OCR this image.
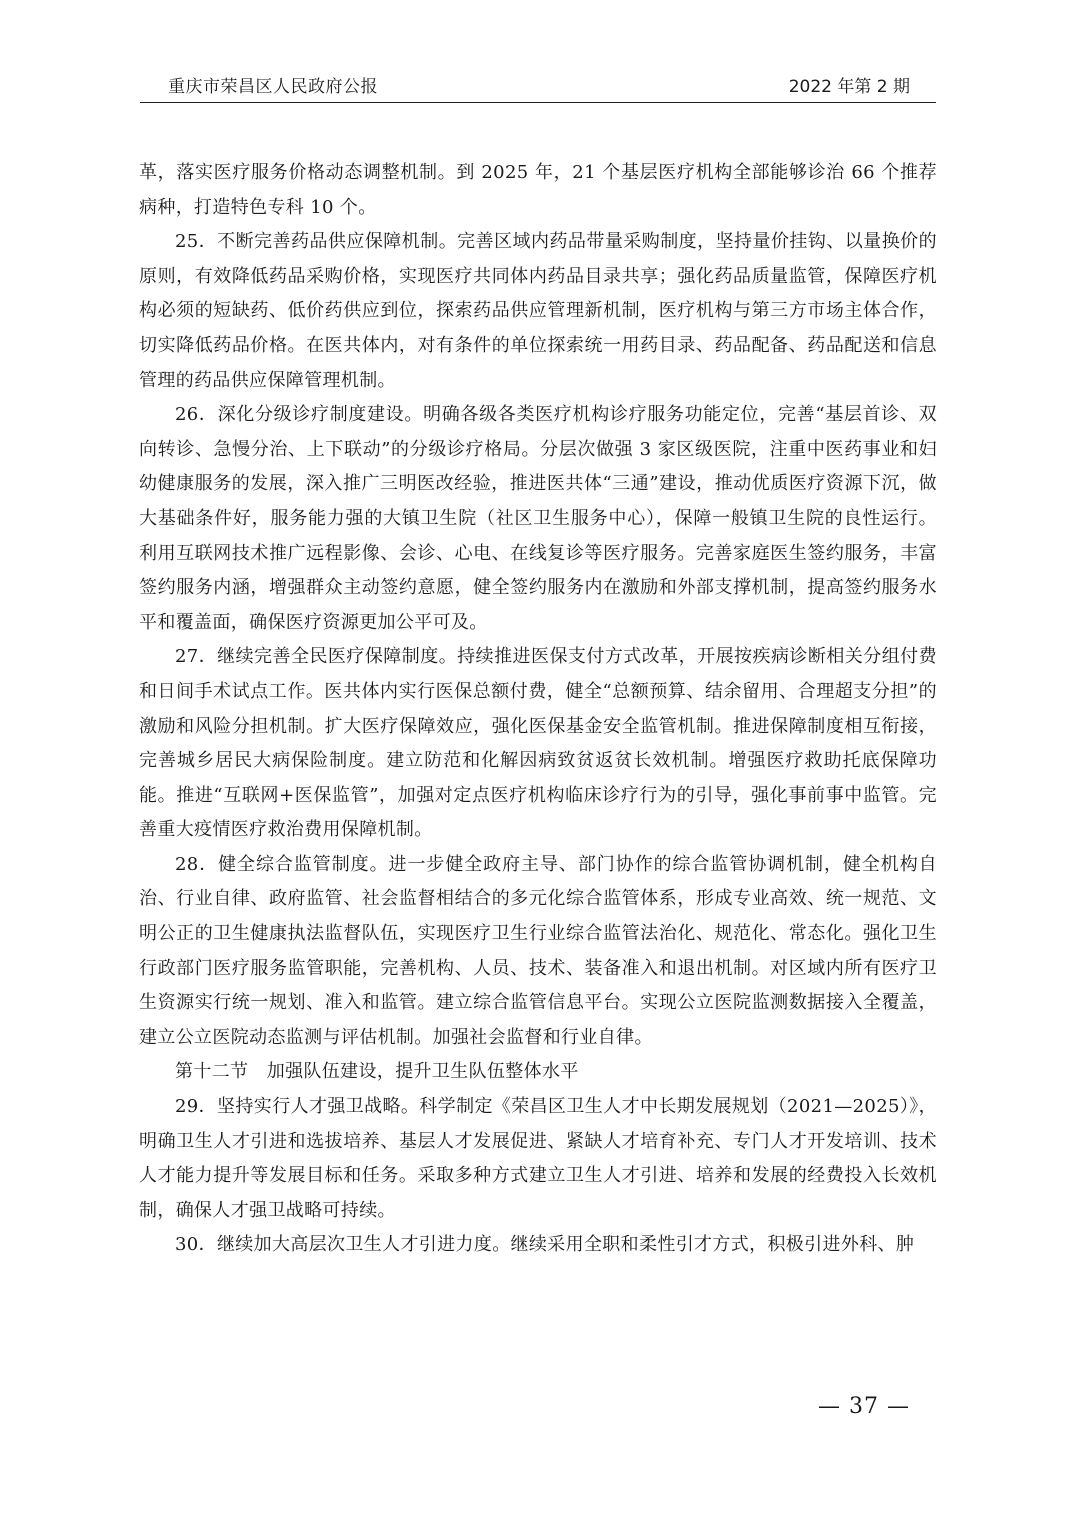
重庆市荣昌区人民政府公报	2022 年第 2 期

革，落实医疗服务价格动态调整机制。到 2025 年，21 个基层医疗机构全部能够诊治 66 个推荐病种，打造特色专科 10 个。

25．不断完善药品供应保障机制。完善区域内药品带量采购制度，坚持量价挂钩、以量换价的原则，有效降低药品采购价格，实现医疗共同体内药品目录共享；强化药品质量监管，保障医疗机构必须的短缺药、低价药供应到位，探索药品供应管理新机制，医疗机构与第三方市场主体合作，切实降低药品价格。在医共体内，对有条件的单位探索统一用药目录、药品配备、药品配送和信息管理的药品供应保障管理机制。

26．深化分级诊疗制度建设。明确各级各类医疗机构诊疗服务功能定位，完善“基层首诊、双向转诊、急慢分治、上下联动”的分级诊疗格局。分层次做强 3 家区级医院，注重中医药事业和妇幼健康服务的发展，深入推广三明医改经验，推进医共体“三通”建设，推动优质医疗资源下沉，做大基础条件好，服务能力强的大镇卫生院（社区卫生服务中心），保障一般镇卫生院的良性运行。利用互联网技术推广远程影像、会诊、心电、在线复诊等医疗服务。完善家庭医生签约服务，丰富签约服务内涵，增强群众主动签约意愿，健全签约服务内在激励和外部支撑机制，提高签约服务水平和覆盖面，确保医疗资源更加公平可及。

27．继续完善全民医疗保障制度。持续推进医保支付方式改革，开展按疾病诊断相关分组付费和日间手术试点工作。医共体内实行医保总额付费，健全“总额预算、结余留用、合理超支分担”的激励和风险分担机制。扩大医疗保障效应，强化医保基金安全监管机制。推进保障制度相互衔接，完善城乡居民大病保险制度。建立防范和化解因病致贫返贫长效机制。增强医疗救助托底保障功能。推进“互联网+医保监管”，加强对定点医疗机构临床诊疗行为的引导，强化事前事中监管。完善重大疫情医疗救治费用保障机制。

28．健全综合监管制度。进一步健全政府主导、部门协作的综合监管协调机制，健全机构自治、行业自律、政府监管、社会监督相结合的多元化综合监管体系，形成专业高效、统一规范、文明公正的卫生健康执法监督队伍，实现医疗卫生行业综合监管法治化、规范化、常态化。强化卫生行政部门医疗服务监管职能，完善机构、人员、技术、装备准入和退出机制。对区域内所有医疗卫生资源实行统一规划、准入和监管。建立综合监管信息平台。实现公立医院监测数据接入全覆盖，建立公立医院动态监测与评估机制。加强社会监督和行业自律。

第十二节　加强队伍建设，提升卫生队伍整体水平

29．坚持实行人才强卫战略。科学制定《荣昌区卫生人才中长期发展规划（2021—2025）》，明确卫生人才引进和选拔培养、基层人才发展促进、紧缺人才培育补充、专门人才开发培训、技术人才能力提升等发展目标和任务。采取多种方式建立卫生人才引进、培养和发展的经费投入长效机制，确保人才强卫战略可持续。

30．继续加大高层次卫生人才引进力度。继续采用全职和柔性引才方式，积极引进外科、肿

— 37 —
